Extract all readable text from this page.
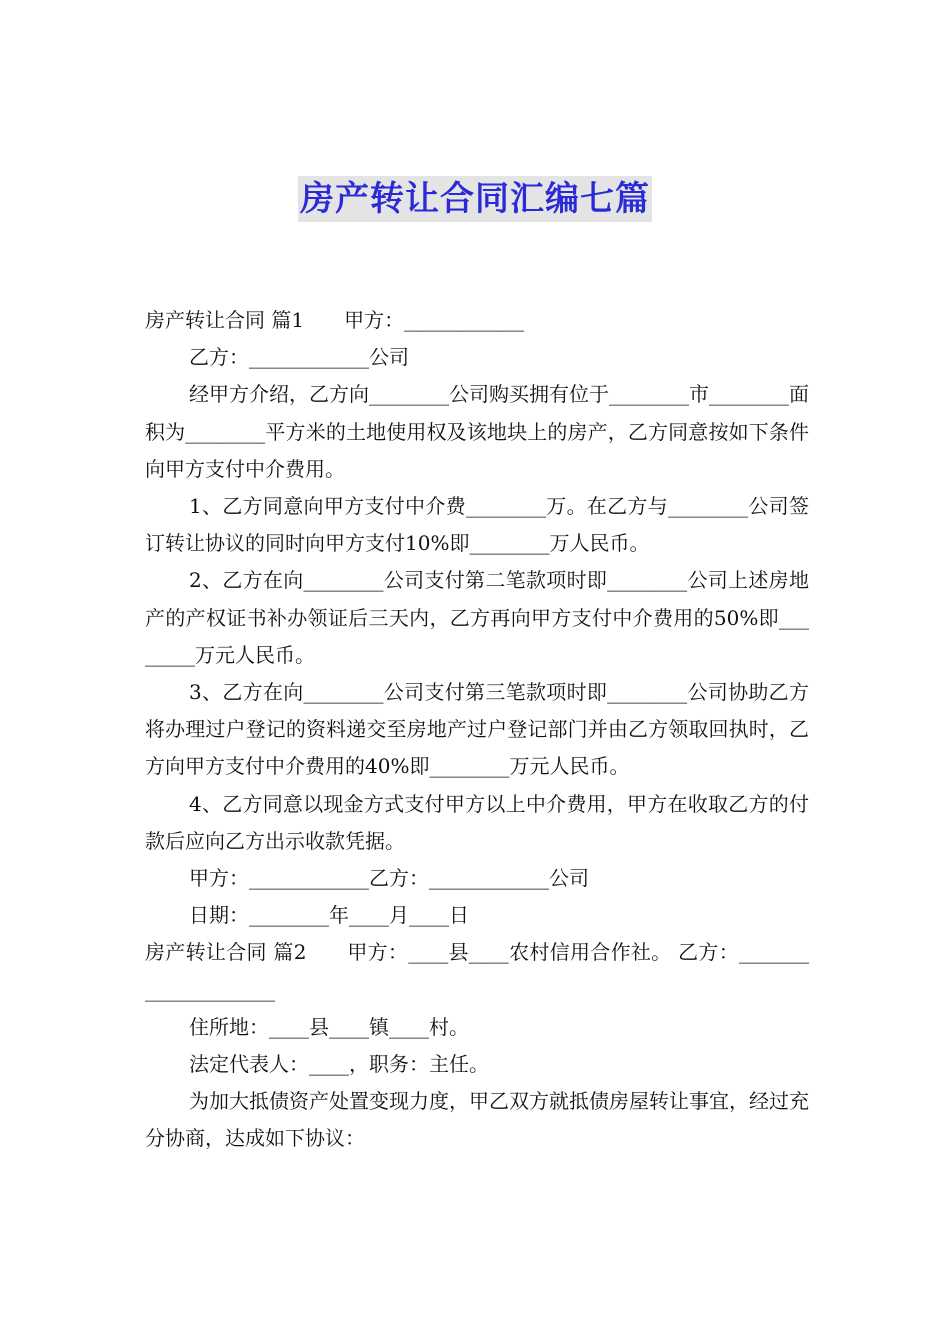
房产转让合同汇编七篇

房产转让合同 篇1　　甲方：____________

乙方：____________公司

经甲方介绍，乙方向________公司购买拥有位于________市________面积为________平方米的土地使用权及该地块上的房产，乙方同意按如下条件向甲方支付中介费用。

1、乙方同意向甲方支付中介费________万。在乙方与________公司签订转让协议的同时向甲方支付10%即________万人民币。

2、乙方在向________公司支付第二笔款项时即________公司上述房地产的产权证书补办领证后三天内，乙方再向甲方支付中介费用的50%即________万元人民币。

3、乙方在向________公司支付第三笔款项时即________公司协助乙方将办理过户登记的资料递交至房地产过户登记部门并由乙方领取回执时，乙方向甲方支付中介费用的40%即________万元人民币。

4、乙方同意以现金方式支付甲方以上中介费用，甲方在收取乙方的付款后应向乙方出示收款凭据。

甲方：____________乙方：____________公司

日期：________年____月____日

房产转让合同 篇2　　甲方：____县____农村信用合作社。 乙方：____________________

住所地：____县____镇____村。

法定代表人：____，职务：主任。

为加大抵债资产处置变现力度，甲乙双方就抵债房屋转让事宜，经过充分协商，达成如下协议：
